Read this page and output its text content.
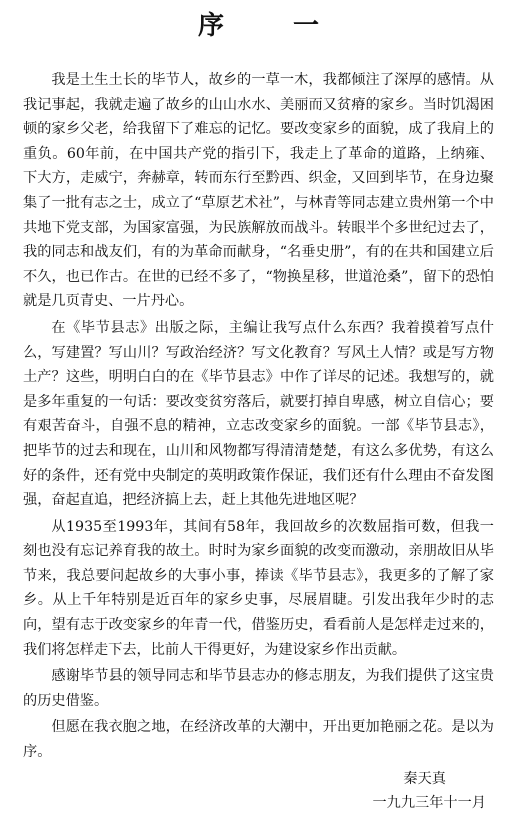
序 一

我是土生土长的毕节人，故乡的一草一木，我都倾注了深厚的感情。从我记事起，我就走遍了故乡的山山水水、美丽而又贫瘠的家乡。当时饥渴困顿的家乡父老，给我留下了难忘的记忆。要改变家乡的面貌，成了我肩上的重负。60年前，在中国共产党的指引下，我走上了革命的道路，上纳雍、下大方，走威宁，奔赫章，转而东行至黔西、织金，又回到毕节，在身边聚集了一批有志之士，成立了“草原艺术社”，与林青等同志建立贵州第一个中共地下党支部，为国家富强，为民族解放而战斗。转眼半个多世纪过去了，我的同志和战友们，有的为革命而献身，“名垂史册”，有的在共和国建立后不久，也已作古。在世的已经不多了，“物换星移，世道沧桑”，留下的恐怕就是几页青史、一片丹心。

在《毕节县志》出版之际，主编让我写点什么东西？我着摸着写点什么，写建置？写山川？写政治经济？写文化教育？写风土人情？或是写方物土产？这些，明明白白的在《毕节县志》中作了详尽的记述。我想写的，就是多年重复的一句话：要改变贫穷落后，就要打掉自卑感，树立自信心；要有艰苦奋斗，自强不息的精神，立志改变家乡的面貌。一部《毕节县志》，把毕节的过去和现在，山川和风物都写得清清楚楚，有这么多优势，有这么好的条件，还有党中央制定的英明政策作保证，我们还有什么理由不奋发图强，奋起直追，把经济搞上去，赶上其他先进地区呢？

从1935至1993年，其间有58年，我回故乡的次数屈指可数，但我一刻也没有忘记养育我的故土。时时为家乡面貌的改变而激动，亲朋故旧从毕节来，我总要问起故乡的大事小事，捧读《毕节县志》，我更多的了解了家乡。从上千年特别是近百年的家乡史事，尽展眉睫。引发出我年少时的志向，望有志于改变家乡的年青一代，借鉴历史，看看前人是怎样走过来的，我们将怎样走下去，比前人干得更好，为建设家乡作出贡献。

感谢毕节县的领导同志和毕节县志办的修志朋友，为我们提供了这宝贵的历史借鉴。

但愿在我衣胞之地，在经济改革的大潮中，开出更加艳丽之花。是以为序。

秦天真
一九九三年十一月
